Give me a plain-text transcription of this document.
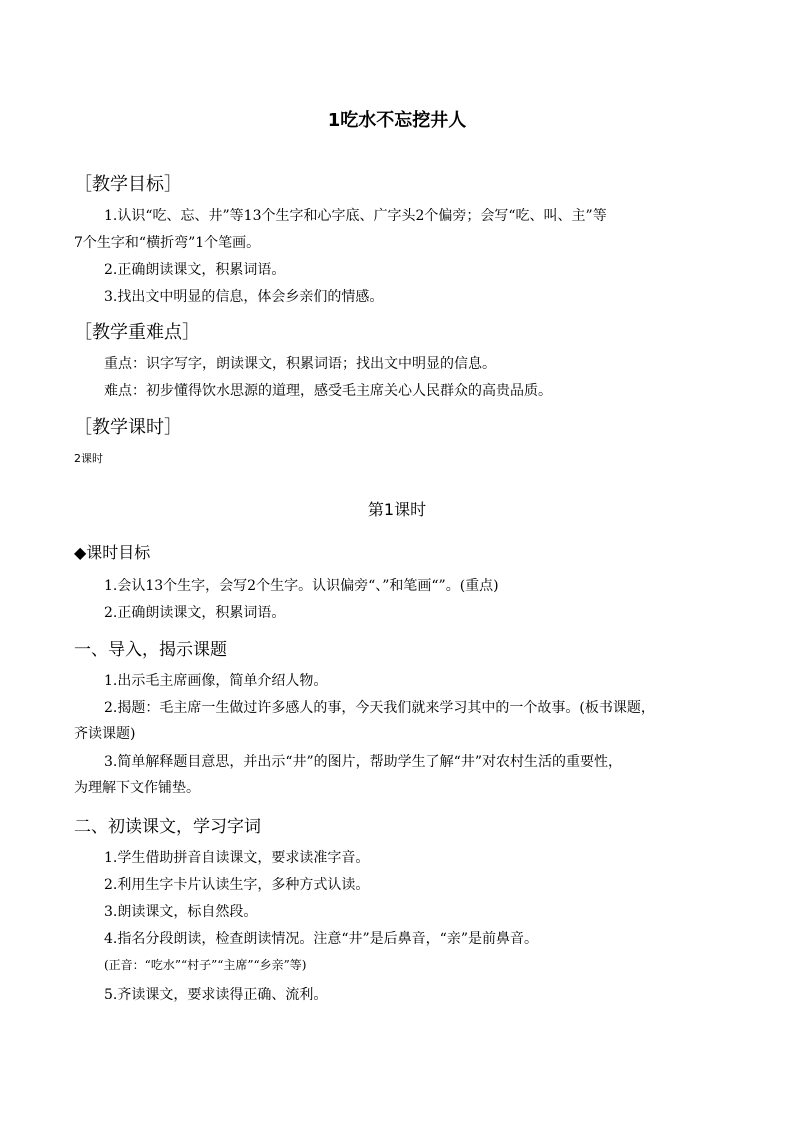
1吃水不忘挖井人
［教学目标］
1.认识“吃、忘、井”等13个生字和心字底、广字头2个偏旁；会写“吃、叫、主”等
7个生字和“横折弯”1个笔画。
2.正确朗读课文，积累词语。
3.找出文中明显的信息，体会乡亲们的情感。
［教学重难点］
重点：识字写字，朗读课文，积累词语；找出文中明显的信息。
难点：初步懂得饮水思源的道理，感受毛主席关心人民群众的高贵品质。
［教学课时］
2课时
第1课时
◆课时目标
1.会认13个生字，会写2个生字。认识偏旁“、”和笔画“”。(重点)
2.正确朗读课文，积累词语。
一、导入，揭示课题
1.出示毛主席画像，简单介绍人物。
2.揭题：毛主席一生做过许多感人的事，今天我们就来学习其中的一个故事。(板书课题，
齐读课题)
3.简单解释题目意思，并出示“井”的图片，帮助学生了解“井”对农村生活的重要性，
为理解下文作铺垫。
二、初读课文，学习字词
1.学生借助拼音自读课文，要求读准字音。
2.利用生字卡片认读生字，多种方式认读。
3.朗读课文，标自然段。
4.指名分段朗读，检查朗读情况。注意“井”是后鼻音，“亲”是前鼻音。
(正音：“吃水”“村子”“主席”“乡亲”等)
5.齐读课文，要求读得正确、流利。
